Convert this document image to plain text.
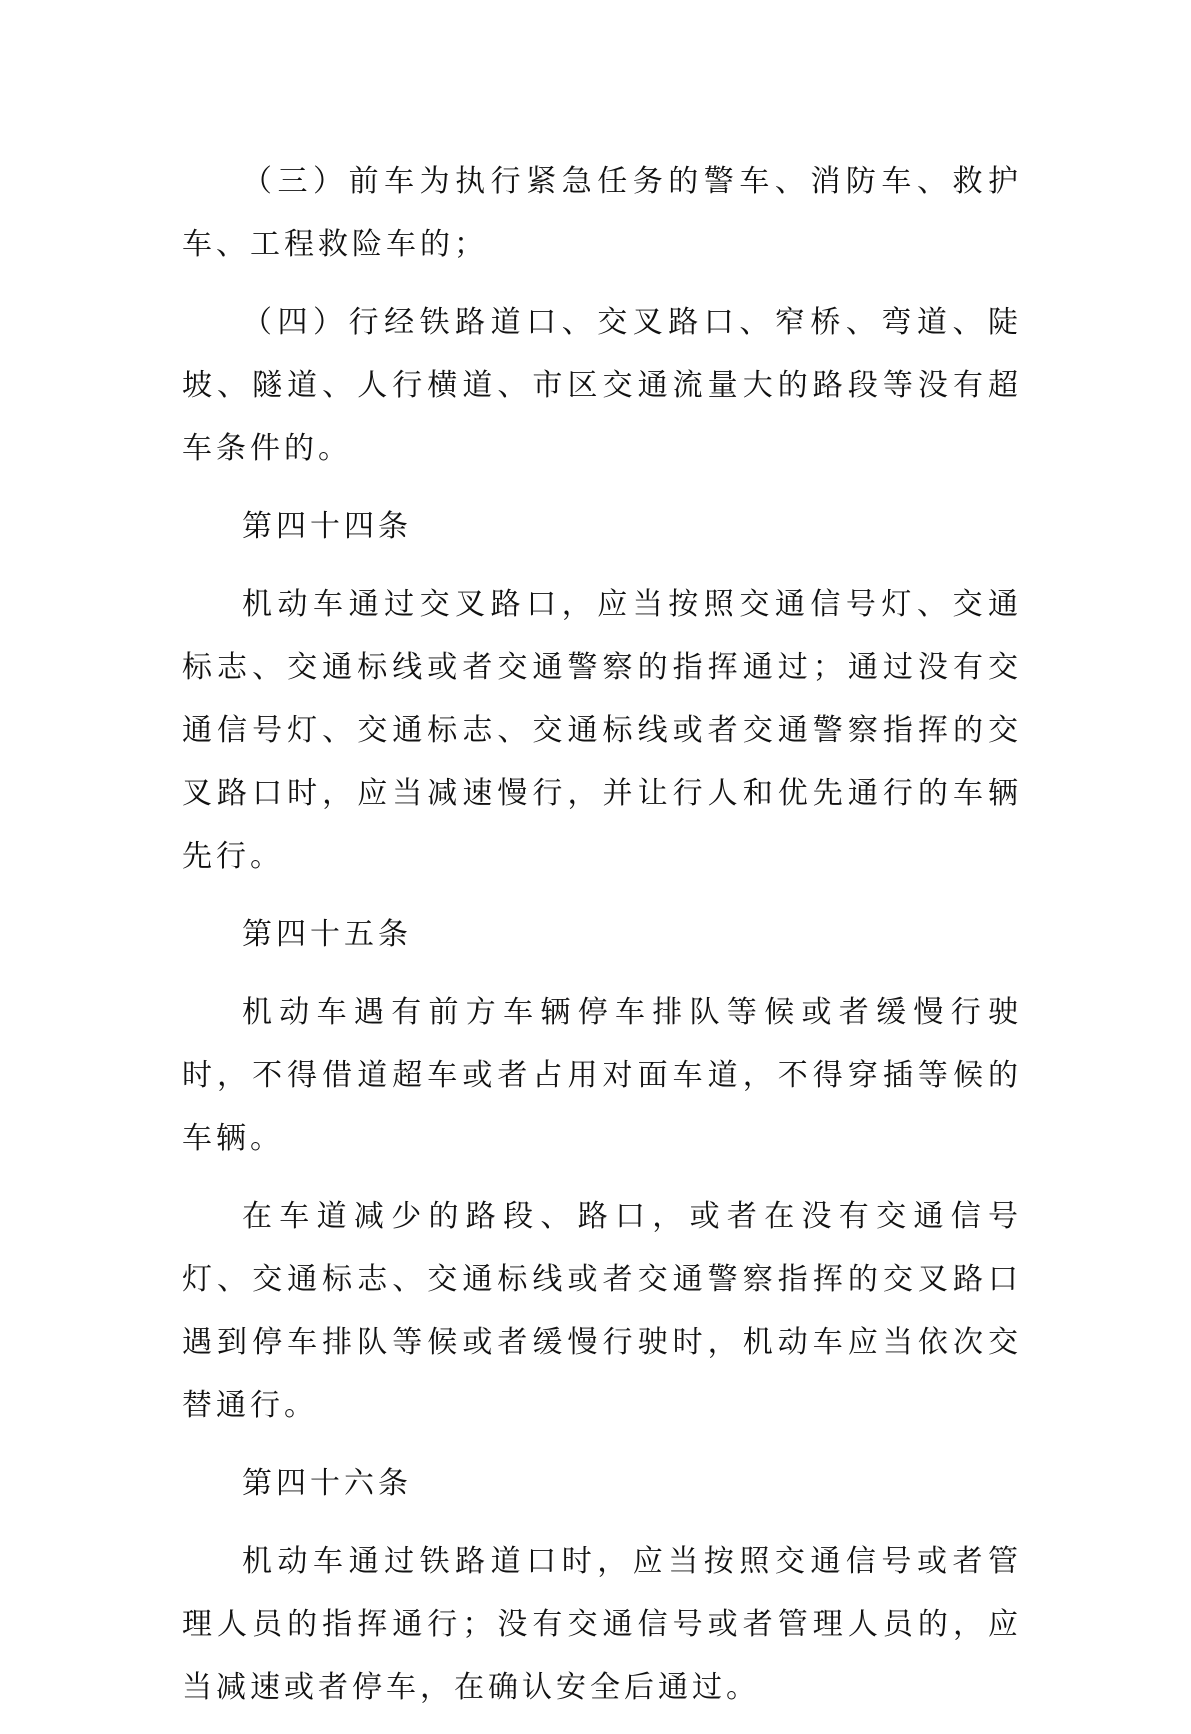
（三）前车为执行紧急任务的警车、消防车、救护车、工程救险车的；

（四）行经铁路道口、交叉路口、窄桥、弯道、陡坡、隧道、人行横道、市区交通流量大的路段等没有超车条件的。

第四十四条

机动车通过交叉路口，应当按照交通信号灯、交通标志、交通标线或者交通警察的指挥通过；通过没有交通信号灯、交通标志、交通标线或者交通警察指挥的交叉路口时，应当减速慢行，并让行人和优先通行的车辆先行。

第四十五条

机动车遇有前方车辆停车排队等候或者缓慢行驶时，不得借道超车或者占用对面车道，不得穿插等候的车辆。

在车道减少的路段、路口，或者在没有交通信号灯、交通标志、交通标线或者交通警察指挥的交叉路口遇到停车排队等候或者缓慢行驶时，机动车应当依次交替通行。

第四十六条

机动车通过铁路道口时，应当按照交通信号或者管理人员的指挥通行；没有交通信号或者管理人员的，应当减速或者停车，在确认安全后通过。
